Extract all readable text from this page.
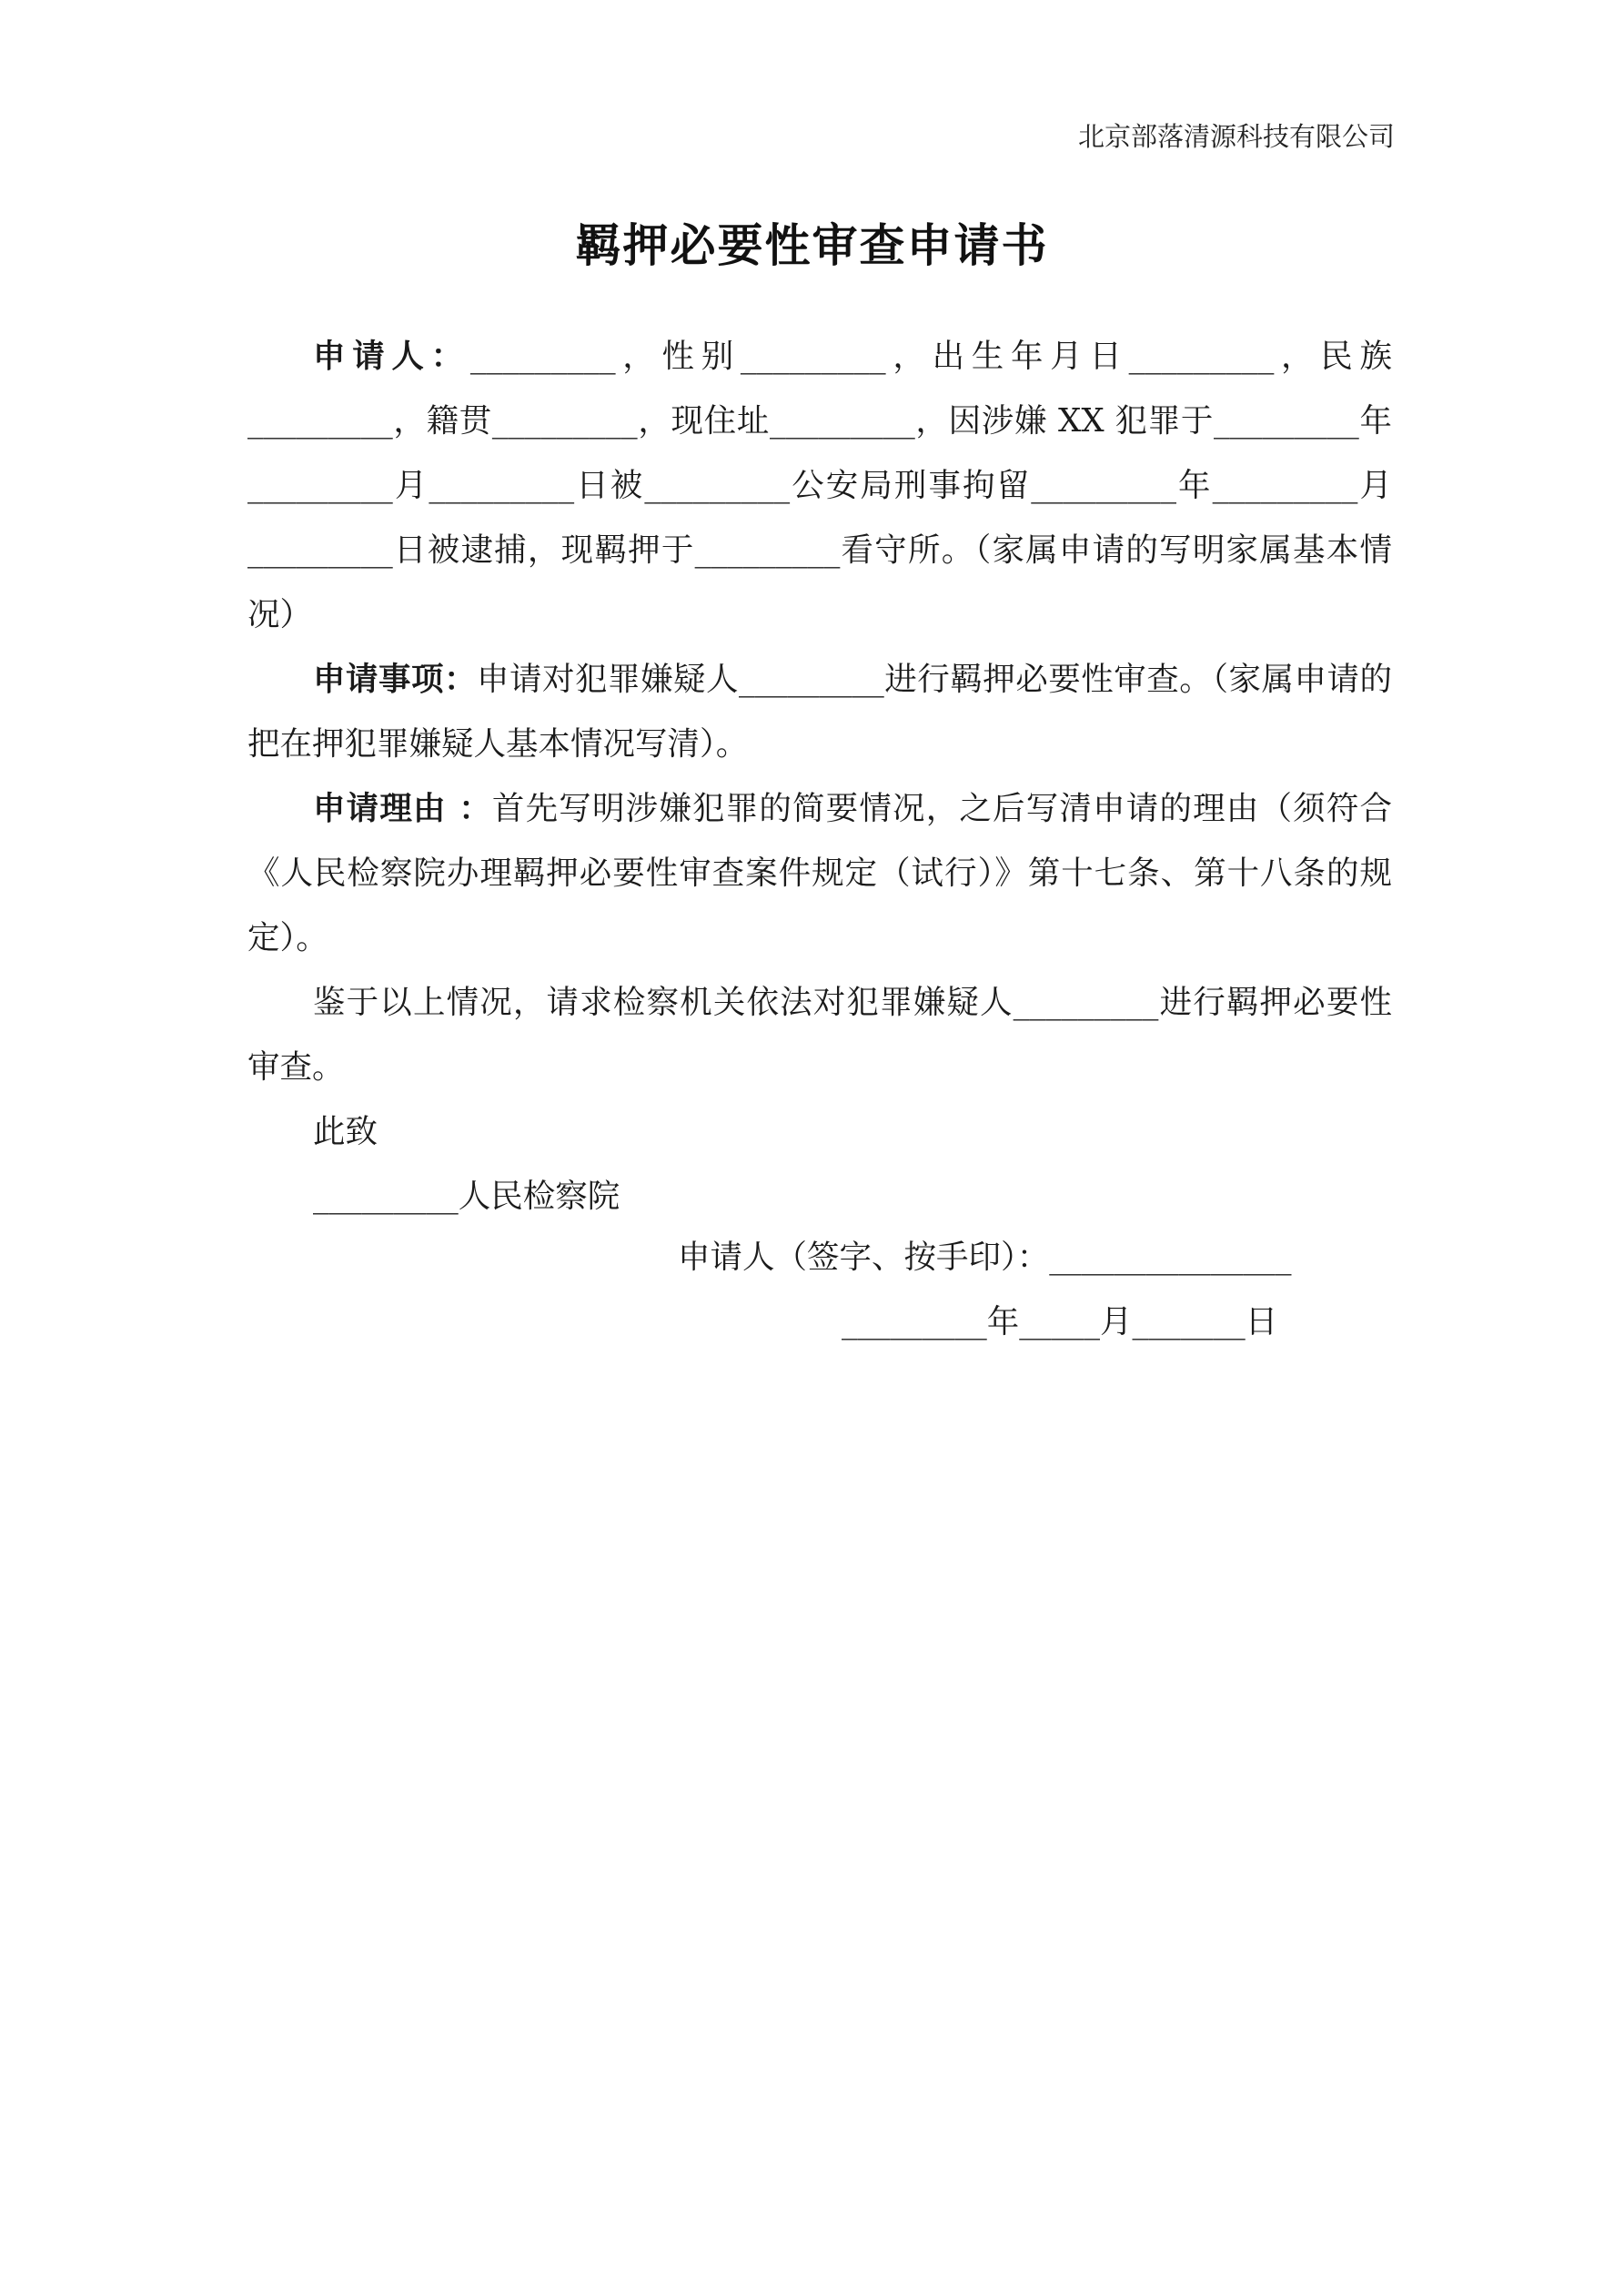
北京部落清源科技有限公司
羁押必要性审查申请书

申请人：_________，性别_________，出生年月日_________，民族_________，籍贯_________，现住址_________，因涉嫌 XX 犯罪于_________年_________月_________日被_________公安局刑事拘留_________年_________月_________日被逮捕，现羁押于_________看守所。（家属申请的写明家属基本情况）

申请事项：申请对犯罪嫌疑人_________进行羁押必要性审查。（家属申请的把在押犯罪嫌疑人基本情况写清）。

申请理由 ：首先写明涉嫌犯罪的简要情况，之后写清申请的理由（须符合《人民检察院办理羁押必要性审查案件规定（试行）》第十七条、第十八条的规定）。

鉴于以上情况，请求检察机关依法对犯罪嫌疑人_________进行羁押必要性审查。

此致

_________人民检察院

申请人（签字、按手印）：_______________
_________年_____月_______日
